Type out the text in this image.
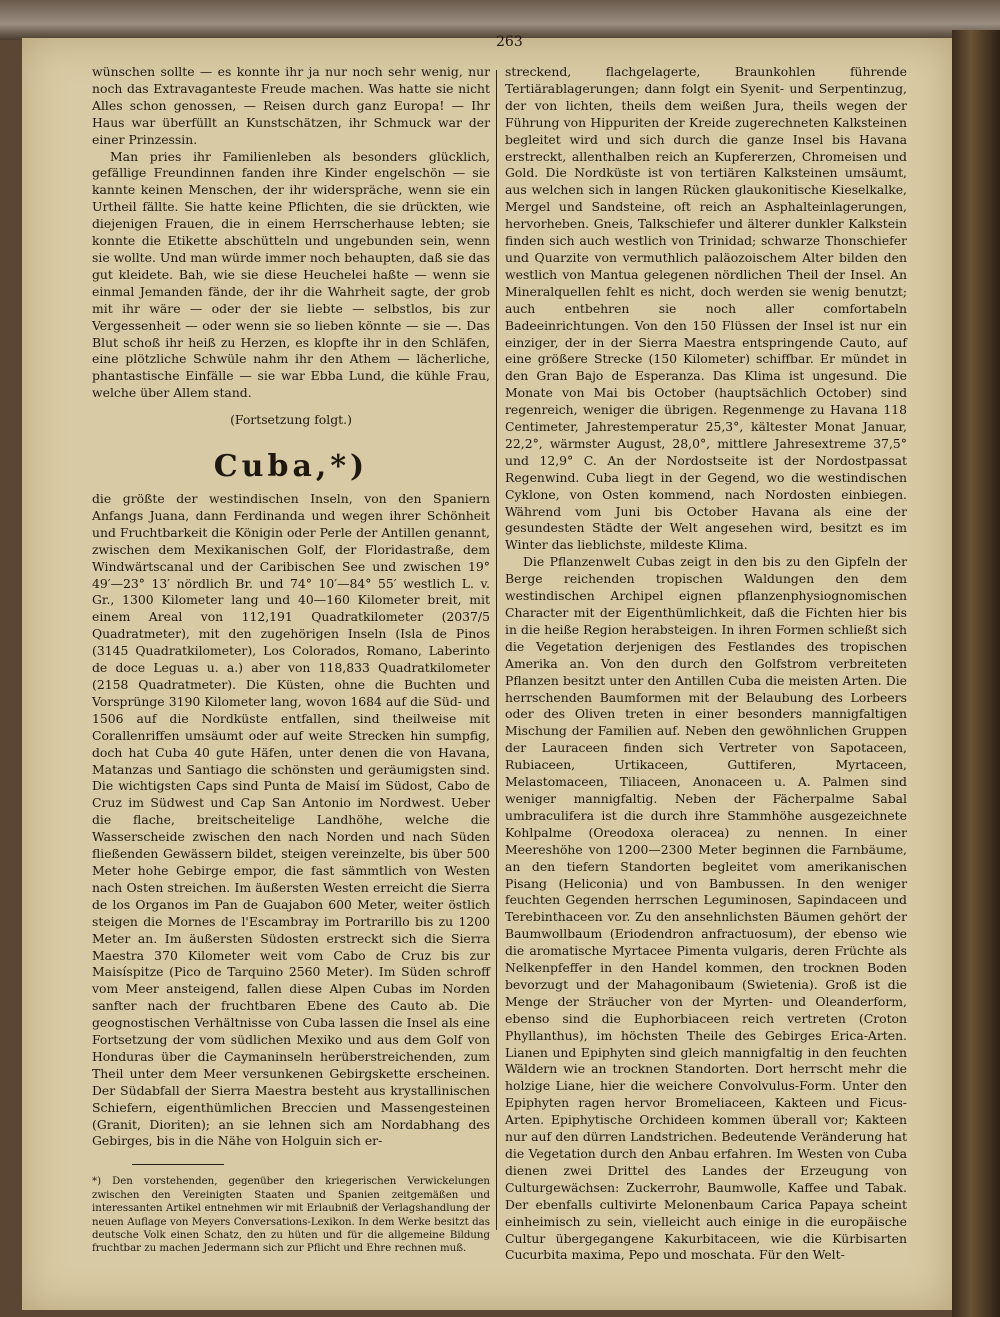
263

wünschen sollte — es konnte ihr ja nur noch sehr wenig, nur noch das Extravaganteste Freude machen. Was hatte sie nicht Alles schon genossen, — Reisen durch ganz Europa! — Ihr Haus war überfüllt an Kunstschätzen, ihr Schmuck war der einer Prinzessin.

Man pries ihr Familienleben als besonders glücklich, gefällige Freundinnen fanden ihre Kinder engelschön — sie kannte keinen Menschen, der ihr widerspräche, wenn sie ein Urtheil fällte. Sie hatte keine Pflichten, die sie drückten, wie diejenigen Frauen, die in einem Herrscherhause lebten; sie konnte die Etikette abschütteln und ungebunden sein, wenn sie wollte. Und man würde immer noch behaupten, daß sie das gut kleidete. Bah, wie sie diese Heuchelei haßte — wenn sie einmal Jemanden fände, der ihr die Wahrheit sagte, der grob mit ihr wäre — oder der sie liebte — selbstlos, bis zur Vergessenheit — oder wenn sie so lieben könnte — sie —. Das Blut schoß ihr heiß zu Herzen, es klopfte ihr in den Schläfen, eine plötzliche Schwüle nahm ihr den Athem — lächerliche, phantastische Einfälle — sie war Ebba Lund, die kühle Frau, welche über Allem stand.

(Fortsetzung folgt.)
Cuba,*)

die größte der westindischen Inseln, von den Spaniern Anfangs Juana, dann Ferdinanda und wegen ihrer Schönheit und Fruchtbarkeit die Königin oder Perle der Antillen genannt, zwischen dem Mexikanischen Golf, der Floridastraße, dem Windwärtscanal und der Caribischen See und zwischen 19° 49′—23° 13′ nördlich Br. und 74° 10′—84° 55′ westlich L. v. Gr., 1300 Kilometer lang und 40—160 Kilometer breit, mit einem Areal von 112,191 Quadratkilometer (2037/5 Quadratmeter), mit den zugehörigen Inseln (Isla de Pinos (3145 Quadratkilometer), Los Colorados, Romano, Laberinto de doce Leguas u. a.) aber von 118,833 Quadratkilometer (2158 Quadratmeter). Die Küsten, ohne die Buchten und Vorsprünge 3190 Kilometer lang, wovon 1684 auf die Süd- und 1506 auf die Nordküste entfallen, sind theilweise mit Corallenriffen umsäumt oder auf weite Strecken hin sumpfig, doch hat Cuba 40 gute Häfen, unter denen die von Havana, Matanzas und Santiago die schönsten und geräumigsten sind. Die wichtigsten Caps sind Punta de Maisí im Südost, Cabo de Cruz im Südwest und Cap San Antonio im Nordwest. Ueber die flache, breitscheitelige Landhöhe, welche die Wasserscheide zwischen den nach Norden und nach Süden fließenden Gewässern bildet, steigen vereinzelte, bis über 500 Meter hohe Gebirge empor, die fast sämmtlich von Westen nach Osten streichen. Im äußersten Westen erreicht die Sierra de los Organos im Pan de Guajabon 600 Meter, weiter östlich steigen die Mornes de l'Escambray im Portrarillo bis zu 1200 Meter an. Im äußersten Südosten erstreckt sich die Sierra Maestra 370 Kilometer weit vom Cabo de Cruz bis zur Maisíspitze (Pico de Tarquino 2560 Meter). Im Süden schroff vom Meer ansteigend, fallen diese Alpen Cubas im Norden sanfter nach der fruchtbaren Ebene des Cauto ab. Die geognostischen Verhältnisse von Cuba lassen die Insel als eine Fortsetzung der vom südlichen Mexiko und aus dem Golf von Honduras über die Caymaninseln herüberstreichenden, zum Theil unter dem Meer versunkenen Gebirgskette erscheinen. Der Südabfall der Sierra Maestra besteht aus krystallinischen Schiefern, eigenthümlichen Breccien und Massengesteinen (Granit, Dioriten); an sie lehnen sich am Nordabhang des Gebirges, bis in die Nähe von Holguin sich er-

*) Den vorstehenden, gegenüber den kriegerischen Verwickelungen zwischen den Vereinigten Staaten und Spanien zeitgemäßen und interessanten Artikel entnehmen wir mit Erlaubniß der Verlagshandlung der neuen Auflage von Meyers Conversations-Lexikon. In dem Werke besitzt das deutsche Volk einen Schatz, den zu hüten und für die allgemeine Bildung fruchtbar zu machen Jedermann sich zur Pflicht und Ehre rechnen muß.

streckend, flachgelagerte, Braunkohlen führende Tertiärablagerungen; dann folgt ein Syenit- und Serpentinzug, der von lichten, theils dem weißen Jura, theils wegen der Führung von Hippuriten der Kreide zugerechneten Kalksteinen begleitet wird und sich durch die ganze Insel bis Havana erstreckt, allenthalben reich an Kupfererzen, Chromeisen und Gold. Die Nordküste ist von tertiären Kalksteinen umsäumt, aus welchen sich in langen Rücken glaukonitische Kieselkalke, Mergel und Sandsteine, oft reich an Asphalteinlagerungen, hervorheben. Gneis, Talkschiefer und älterer dunkler Kalkstein finden sich auch westlich von Trinidad; schwarze Thonschiefer und Quarzite von vermuthlich paläozoischem Alter bilden den westlich von Mantua gelegenen nördlichen Theil der Insel. An Mineralquellen fehlt es nicht, doch werden sie wenig benutzt; auch entbehren sie noch aller comfortabeln Badeeinrichtungen. Von den 150 Flüssen der Insel ist nur ein einziger, der in der Sierra Maestra entspringende Cauto, auf eine größere Strecke (150 Kilometer) schiffbar. Er mündet in den Gran Bajo de Esperanza. Das Klima ist ungesund. Die Monate von Mai bis October (hauptsächlich October) sind regenreich, weniger die übrigen. Regenmenge zu Havana 118 Centimeter, Jahrestemperatur 25,3°, kältester Monat Januar, 22,2°, wärmster August, 28,0°, mittlere Jahresextreme 37,5° und 12,9° C. An der Nordostseite ist der Nordostpassat Regenwind. Cuba liegt in der Gegend, wo die westindischen Cyklone, von Osten kommend, nach Nordosten einbiegen. Während vom Juni bis October Havana als eine der gesundesten Städte der Welt angesehen wird, besitzt es im Winter das lieblichste, mildeste Klima.

Die Pflanzenwelt Cubas zeigt in den bis zu den Gipfeln der Berge reichenden tropischen Waldungen den dem westindischen Archipel eignen pflanzenphysiognomischen Character mit der Eigenthümlichkeit, daß die Fichten hier bis in die heiße Region herabsteigen. In ihren Formen schließt sich die Vegetation derjenigen des Festlandes des tropischen Amerika an. Von den durch den Golfstrom verbreiteten Pflanzen besitzt unter den Antillen Cuba die meisten Arten. Die herrschenden Baumformen mit der Belaubung des Lorbeers oder des Oliven treten in einer besonders mannigfaltigen Mischung der Familien auf. Neben den gewöhnlichen Gruppen der Lauraceen finden sich Vertreter von Sapotaceen, Rubiaceen, Urtikaceen, Guttiferen, Myrtaceen, Melastomaceen, Tiliaceen, Anonaceen u. A. Palmen sind weniger mannigfaltig. Neben der Fächerpalme Sabal umbraculifera ist die durch ihre Stammhöhe ausgezeichnete Kohlpalme (Oreodoxa oleracea) zu nennen. In einer Meereshöhe von 1200—2300 Meter beginnen die Farnbäume, an den tiefern Standorten begleitet vom amerikanischen Pisang (Heliconia) und von Bambussen. In den weniger feuchten Gegenden herrschen Leguminosen, Sapindaceen und Terebinthaceen vor. Zu den ansehnlichsten Bäumen gehört der Baumwollbaum (Eriodendron anfractuosum), der ebenso wie die aromatische Myrtacee Pimenta vulgaris, deren Früchte als Nelkenpfeffer in den Handel kommen, den trocknen Boden bevorzugt und der Mahagonibaum (Swietenia). Groß ist die Menge der Sträucher von der Myrten- und Oleanderform, ebenso sind die Euphorbiaceen reich vertreten (Croton Phyllanthus), im höchsten Theile des Gebirges Erica-Arten. Lianen und Epiphyten sind gleich mannigfaltig in den feuchten Wäldern wie an trocknen Standorten. Dort herrscht mehr die holzige Liane, hier die weichere Convolvulus-Form. Unter den Epiphyten ragen hervor Bromeliaceen, Kakteen und Ficus-Arten. Epiphytische Orchideen kommen überall vor; Kakteen nur auf den dürren Landstrichen. Bedeutende Veränderung hat die Vegetation durch den Anbau erfahren. Im Westen von Cuba dienen zwei Drittel des Landes der Erzeugung von Culturgewächsen: Zuckerrohr, Baumwolle, Kaffee und Tabak. Der ebenfalls cultivirte Melonenbaum Carica Papaya scheint einheimisch zu sein, vielleicht auch einige in die europäische Cultur übergegangene Kakurbitaceen, wie die Kürbisarten Cucurbita maxima, Pepo und moschata. Für den Welt-
